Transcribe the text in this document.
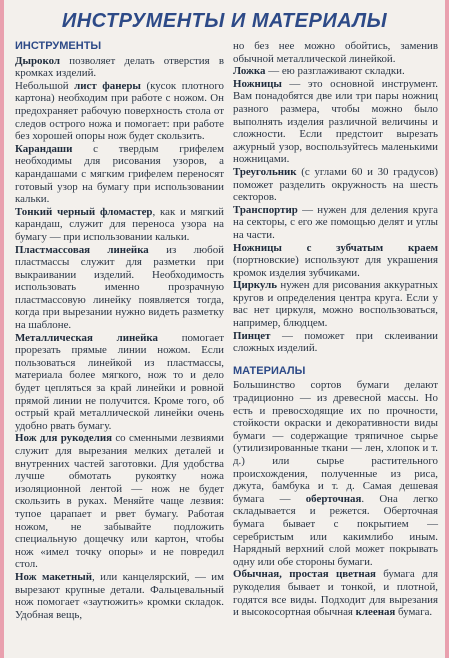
ИНСТРУМЕНТЫ И МАТЕРИАЛЫ
ИНСТРУМЕНТЫ

Дырокол позволяет делать отверстия в кромках изделий.

Небольшой лист фанеры (кусок плотного картона) необходим при работе с ножом. Он предохраняет рабочую поверхность стола от следов острого ножа и помогает: при работе без хорошей опоры нож будет скользить.

Карандаши с твердым грифелем необходимы для рисования узоров, а карандашами с мягким грифелем переносят готовый узор на бумагу при использовании кальки.

Тонкий черный фломастер, как и мягкий карандаш, служит для переноса узора на бумагу — при использовании кальки.

Пластмассовая линейка из любой пластмассы служит для разметки при выкраивании изделий. Необходимость использовать именно прозрачную пластмассовую линейку появляется тогда, когда при вырезании нужно видеть разметку на шаблоне.

Металлическая линейка помогает прорезать прямые линии ножом. Если пользоваться линейкой из пластмассы, материала более мягкого, нож то и дело будет цепляться за край линейки и ровной прямой линии не получится. Кроме того, об острый край металлической линейки очень удобно рвать бумагу.

Нож для рукоделия со сменными лезвиями служит для вырезания мелких деталей и внутренних частей заготовки. Для удобства лучше обмотать рукоятку ножа изоляционной лентой — нож не будет скользить в руках. Меняйте чаще лезвия: тупое царапает и рвет бумагу. Работая ножом, не забывайте подложить специальную дощечку или картон, чтобы нож «имел точку опоры» и не повредил стол.

Нож макетный, или канцелярский, — им вырезают крупные детали. Фальцевальный нож помогает «заутюжить» кромки складок. Удобная вещь,

но без нее можно обойтись, заменив обычной металлической линейкой.

Ложка — ею разглаживают складки.

Ножницы — это основной инструмент. Вам понадобятся две или три пары ножниц разного размера, чтобы можно было выполнять изделия различной величины и сложности. Если предстоит вырезать ажурный узор, воспользуйтесь маленькими ножницами.

Треугольник (с углами 60 и 30 градусов) поможет разделить окружность на шесть секторов.

Транспортир — нужен для деления круга на секторы, с его же помощью делят и углы на части.

Ножницы с зубчатым краем (портновские) используют для украшения кромок изделия зубчиками.

Циркуль нужен для рисования аккуратных кругов и определения центра круга. Если у вас нет циркуля, можно воспользоваться, например, блюдцем.

Пинцет — поможет при склеивании сложных изделий.

МАТЕРИАЛЫ

Большинство сортов бумаги делают традиционно — из древесной массы. Но есть и превосходящие их по прочности, стойкости окраски и декоративности виды бумаги — содержащие тряпичное сырье (утилизированные ткани — лен, хлопок и т. д.) или сырье растительного происхождения, полученные из риса, джута, бамбука и т. д. Самая дешевая бумага — оберточная. Она легко складывается и режется. Оберточная бумага бывает с покрытием — серебристым или какимлибо иным. Нарядный верхний слой может покрывать одну или обе стороны бумаги.

Обычная, простая цветная бумага для рукоделия бывает и тонкой, и плотной, годятся все виды. Подходит для вырезания и высокосортная обычная клееная бумага.
